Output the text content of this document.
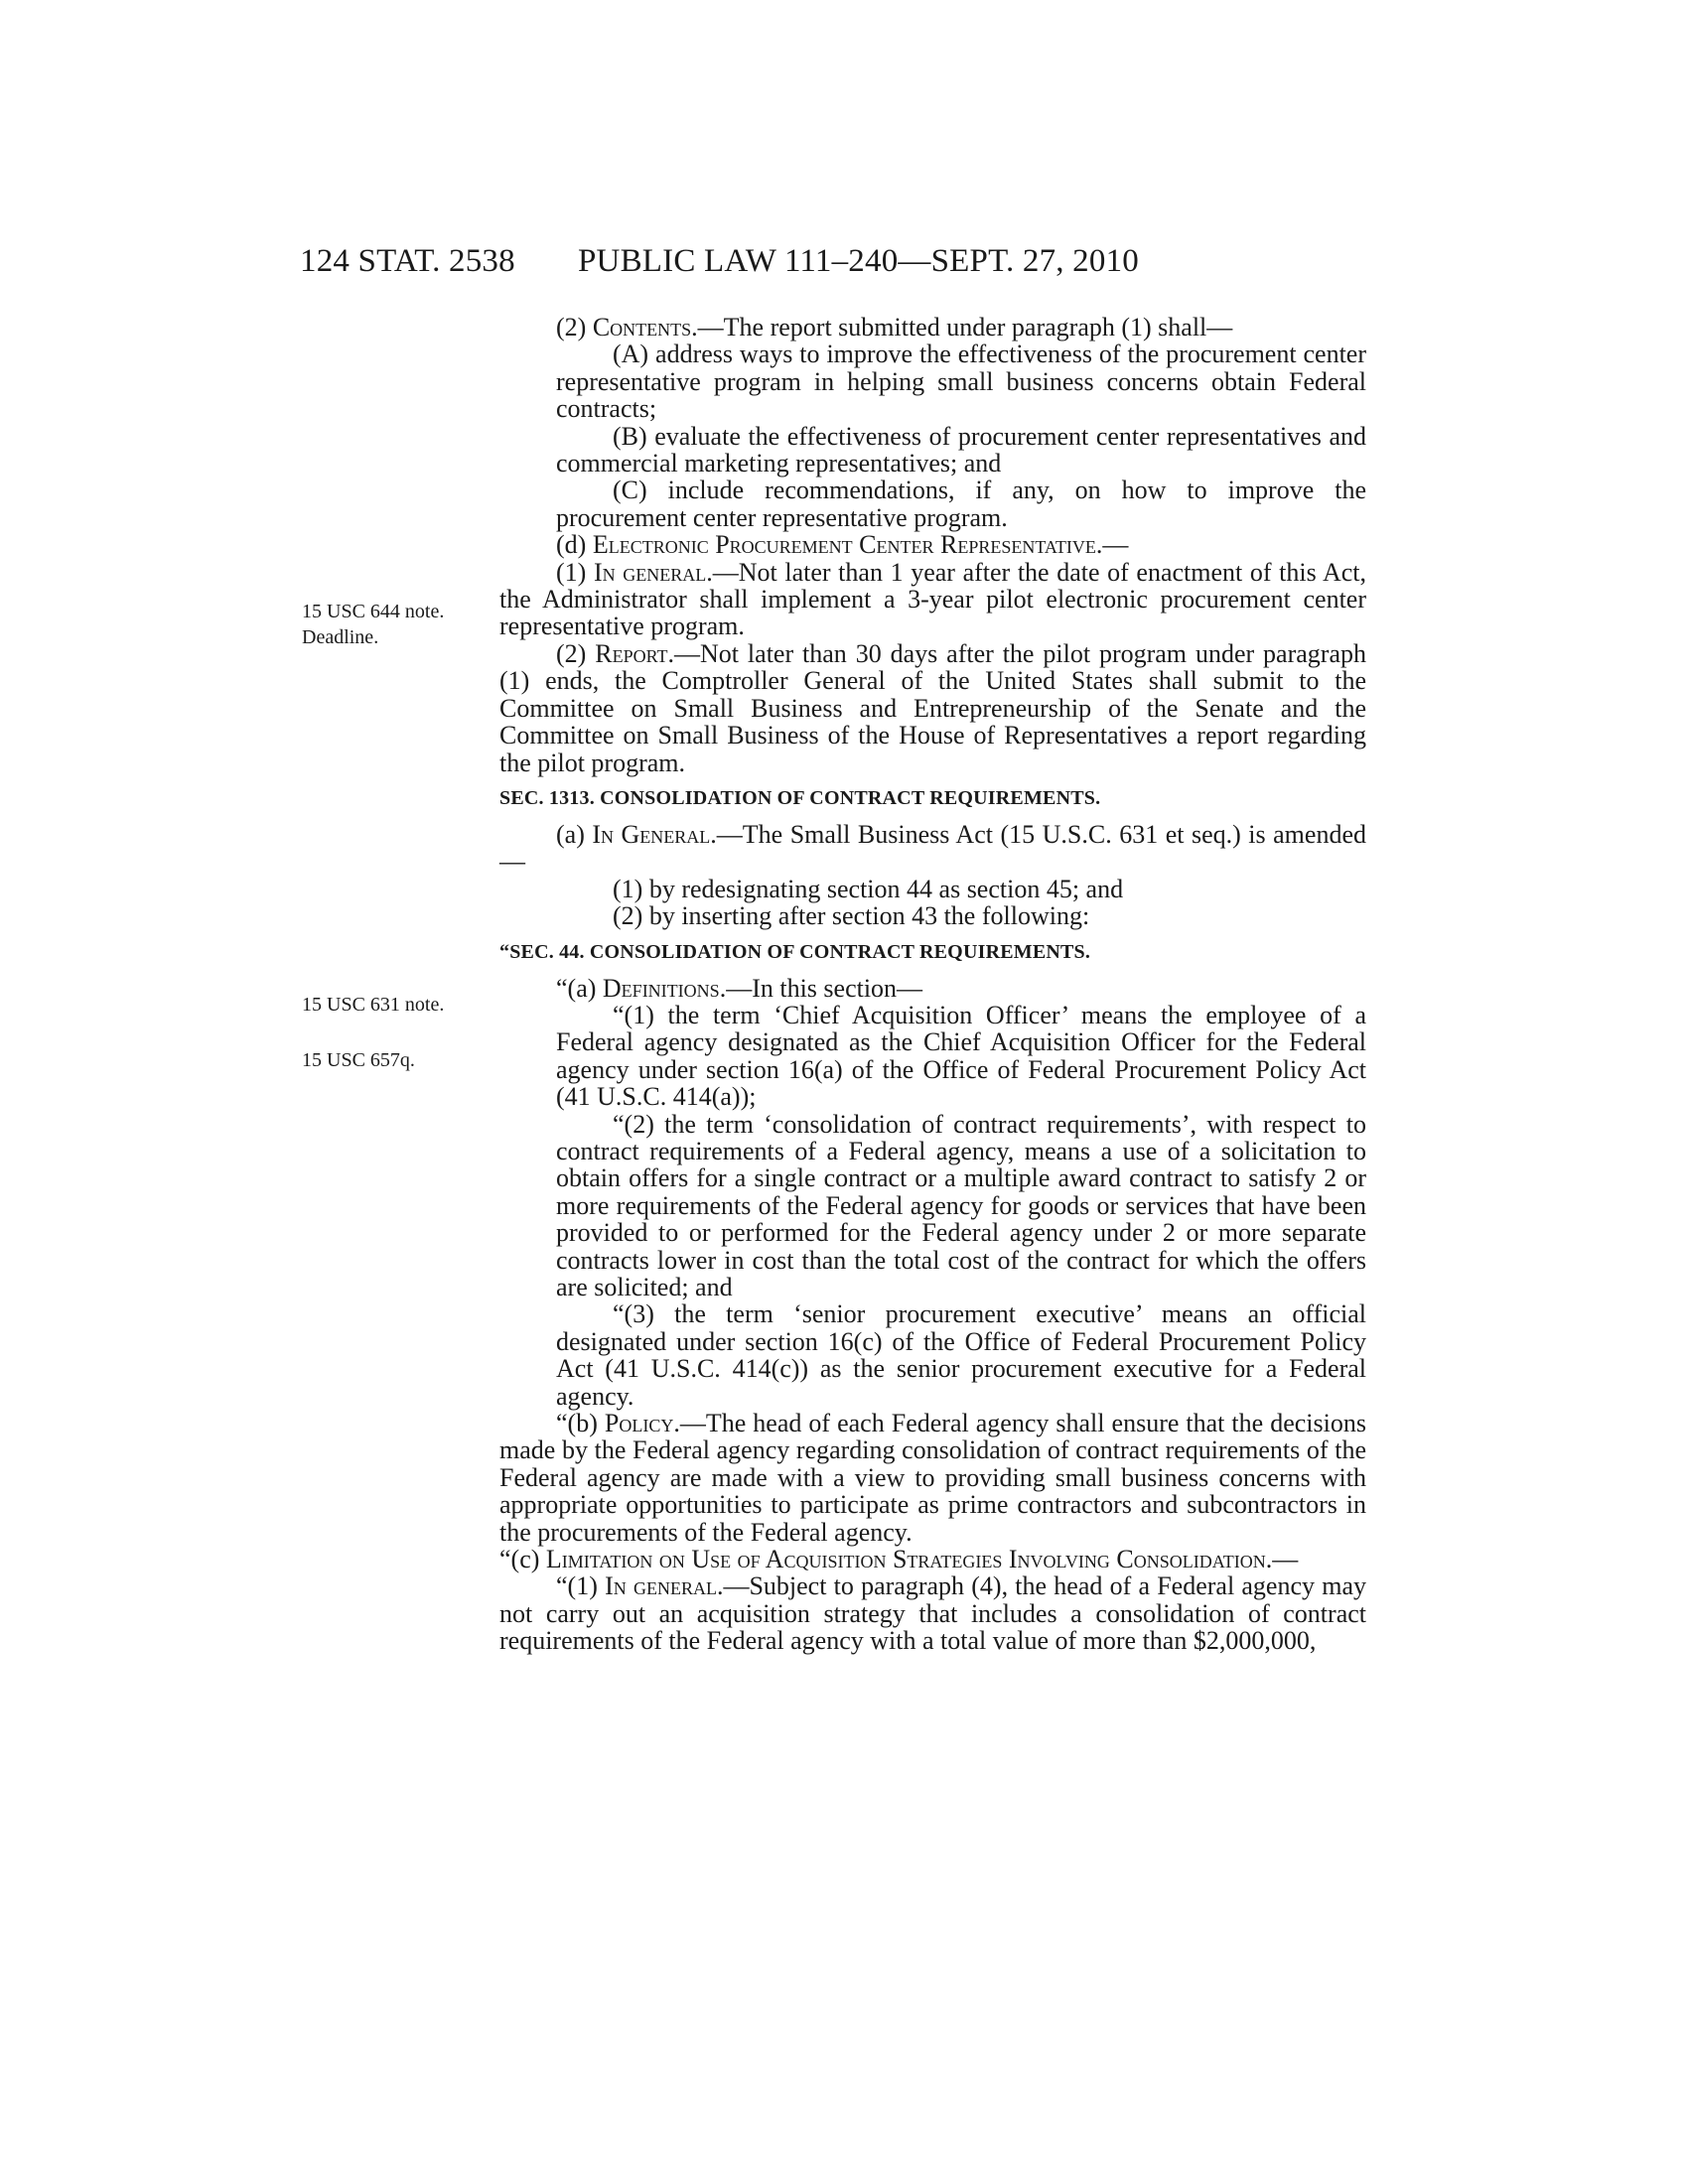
124 STAT. 2538 PUBLIC LAW 111–240—SEPT. 27, 2010
15 USC 644 note.
Deadline.
15 USC 631 note.
15 USC 657q.

(2) Contents.—The report submitted under paragraph (1) shall—

(A) address ways to improve the effectiveness of the procurement center representative program in helping small business concerns obtain Federal contracts;

(B) evaluate the effectiveness of procurement center representatives and commercial marketing representatives; and

(C) include recommendations, if any, on how to improve the procurement center representative program.

(d) Electronic Procurement Center Representative.—

(1) In general.—Not later than 1 year after the date of enactment of this Act, the Administrator shall implement a 3-year pilot electronic procurement center representative program.

(2) Report.—Not later than 30 days after the pilot program under paragraph (1) ends, the Comptroller General of the United States shall submit to the Committee on Small Business and Entrepreneurship of the Senate and the Committee on Small Business of the House of Representatives a report regarding the pilot program.

SEC. 1313. CONSOLIDATION OF CONTRACT REQUIREMENTS.

(a) In General.—The Small Business Act (15 U.S.C. 631 et seq.) is amended—

(1) by redesignating section 44 as section 45; and

(2) by inserting after section 43 the following:

“SEC. 44. CONSOLIDATION OF CONTRACT REQUIREMENTS.

“(a) Definitions.—In this section—

“(1) the term ‘Chief Acquisition Officer’ means the employee of a Federal agency designated as the Chief Acquisition Officer for the Federal agency under section 16(a) of the Office of Federal Procurement Policy Act (41 U.S.C. 414(a));

“(2) the term ‘consolidation of contract requirements’, with respect to contract requirements of a Federal agency, means a use of a solicitation to obtain offers for a single contract or a multiple award contract to satisfy 2 or more requirements of the Federal agency for goods or services that have been provided to or performed for the Federal agency under 2 or more separate contracts lower in cost than the total cost of the contract for which the offers are solicited; and

“(3) the term ‘senior procurement executive’ means an official designated under section 16(c) of the Office of Federal Procurement Policy Act (41 U.S.C. 414(c)) as the senior procurement executive for a Federal agency.

“(b) Policy.—The head of each Federal agency shall ensure that the decisions made by the Federal agency regarding consolidation of contract requirements of the Federal agency are made with a view to providing small business concerns with appropriate opportunities to participate as prime contractors and subcontractors in the procurements of the Federal agency.

“(c) Limitation on Use of Acquisition Strategies Involving Consolidation.—

“(1) In general.—Subject to paragraph (4), the head of a Federal agency may not carry out an acquisition strategy that includes a consolidation of contract requirements of the Federal agency with a total value of more than $2,000,000,
